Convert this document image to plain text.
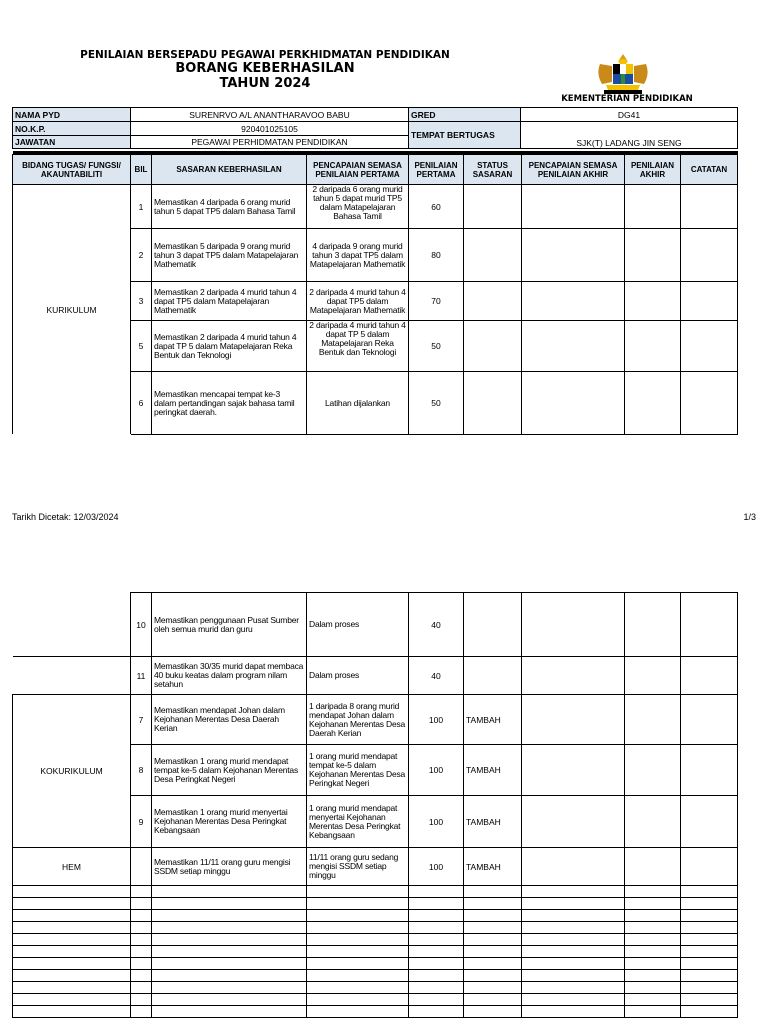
PENILAIAN BERSEPADU PEGAWAI PERKHIDMATAN PENDIDIKAN
BORANG KEBERHASILAN
TAHUN 2024
KEMENTERIAN PENDIDIKAN
NAMA PYD	SURENRVO A/L ANANTHARAVOO BABU	GRED	DG41
NO.K.P.	920401025105	TEMPAT BERTUGAS	SJK(T) LADANG JIN SENG
JAWATAN	PEGAWAI PERHIDMATAN PENDIDIKAN		

BIDANG TUGAS/ FUNGSI/ AKAUNTABILITI	BIL	SASARAN KEBERHASILAN	PENCAPAIAN SEMASA PENILAIAN PERTAMA	PENILAIAN PERTAMA	STATUS SASARAN	PENCAPAIAN SEMASA PENILAIAN AKHIR	PENILAIAN AKHIR	CATATAN
KURIKULUM	1	Memastikan 4 daripada 6 orang murid tahun 5 dapat TP5 dalam Bahasa Tamil	2 daripada 6 orang murid tahun 5 dapat murid TP5 dalam Matapelajaran Bahasa Tamil	60				
	2	Memastikan 5 daripada 9 orang murid tahun 3 dapat TP5 dalam Matapelajaran Mathematik	4 daripada 9 orang murid tahun 3 dapat TP5 dalam Matapelajaran Mathematik	80				
	3	Memastikan 2 daripada 4 murid tahun 4 dapat TP5 dalam Matapelajaran Mathematik	2 daripada 4 murid tahun 4 dapat TP5 dalam Matapelajaran Mathematik	70				
	5	Memastikan 2 daripada 4 murid tahun 4 dapat TP 5 dalam Matapelajaran Reka Bentuk dan Teknologi	2 daripada 4 murid tahun 4 dapat TP 5 dalam Matapelajaran Reka Bentuk dan Teknologi	50				
	6	Memastikan mencapai tempat ke-3 dalam pertandingan sajak bahasa tamil peringkat daerah.	Latihan dijalankan	50				
Tarikh Dicetak: 12/03/2024	1/3
	10	Memastikan penggunaan Pusat Sumber oleh semua murid dan guru	Dalam proses	40				
	11	Memastikan 30/35 murid dapat membaca 40 buku keatas dalam program nilam setahun	Dalam proses	40				
KOKURIKULUM	7	Memastikan mendapat Johan dalam Kejohanan Merentas Desa Daerah Kerian	1 daripada 8 orang murid mendapat Johan dalam Kejohanan Merentas Desa Daerah Kerian	100	TAMBAH			
	8	Memastikan 1 orang murid mendapat tempat ke-5 dalam Kejohanan Merentas Desa Peringkat Negeri	1 orang murid mendapat tempat ke-5 dalam Kejohanan Merentas Desa Peringkat Negeri	100	TAMBAH			
	9	Memastikan 1 orang murid menyertai Kejohanan Merentas Desa Peringkat Kebangsaan	1 orang murid mendapat menyertai Kejohanan Merentas Desa Peringkat Kebangsaan	100	TAMBAH			
HEM		Memastikan 11/11 orang guru mengisi SSDM setiap minggu	11/11 orang guru sedang mengisi SSDM setiap minggu	100	TAMBAH			
